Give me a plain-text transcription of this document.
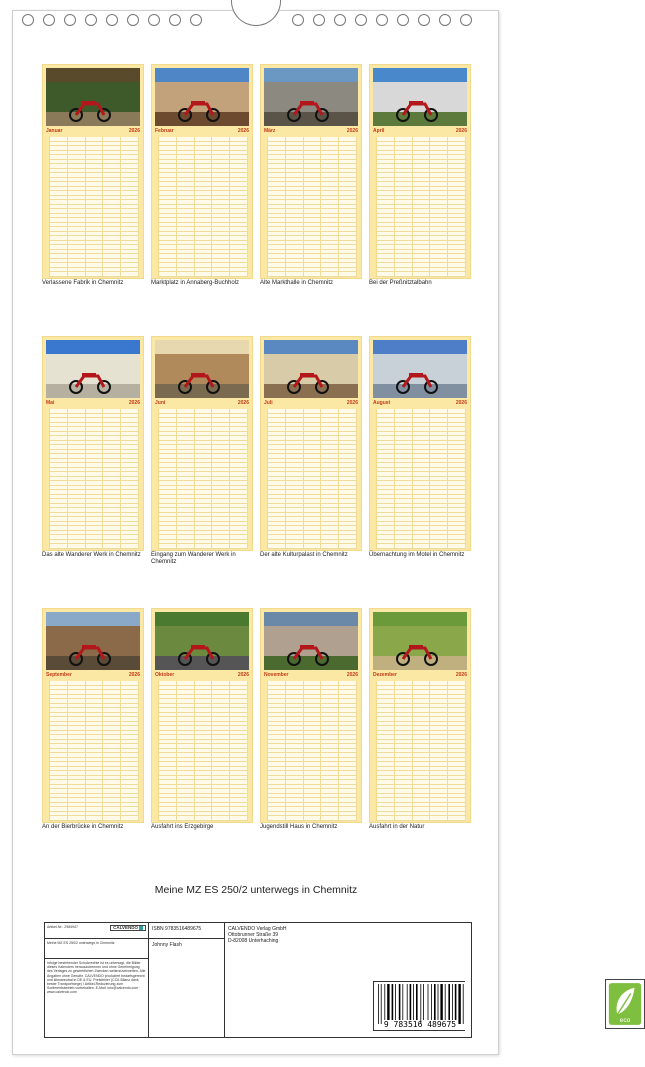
Januar	2026
Verlassene Fabrik in Chemnitz
Februar	2026
Marktplatz in Annaberg-Buchholz
März	2026
Alte Markthalle in Chemnitz
April	2026
Bei der Preßnitztalbahn
Mai	2026
Das alte Wanderer Werk in Chemnitz
Juni	2026
Eingang zum Wanderer Werk in Chemnitz
Juli	2026
Der alte Kulturpalast in Chemnitz
August	2026
Übernachtung im Motel in Chemnitz
September	2026
An der Bierbrücke in Chemnitz
Oktober	2026
Ausfahrt ins Erzgebirge
November	2026
Jugendstill Haus in Chemnitz
Dezember	2026
Ausfahrt in der Natur
Meine MZ ES 250/2 unterwegs in Chemnitz
Artikel-Nr.: 2984947	CALVENDO
Meine MZ ES 250/2 unterwegs in Chemnitz
Infolge bestehender Schutzrechte ist es untersagt, die Bilder dieses Kalenders herauszutrennen und ohne Genehmigung des Verlages zu gewerblichen Zwecken weiterzuverwerten. Alle Angaben ohne Gewähr. CALVENDO produziert bedarfsgerecht und klimaneutral in DE & EU. Preisfehler (CO2-Bilanz dank bester Transportwege) / Artikel-Reduzierung zum Sortimentsbetrieb vorbehalten. E-Mail: info@calvendo.com · www.calvendo.com
ISBN 9783516489675
Johnny Flash
CALVENDO Verlag GmbH
Ottobrunner Straße 39
D-82008 Unterhaching
9 783516 489675	eco
